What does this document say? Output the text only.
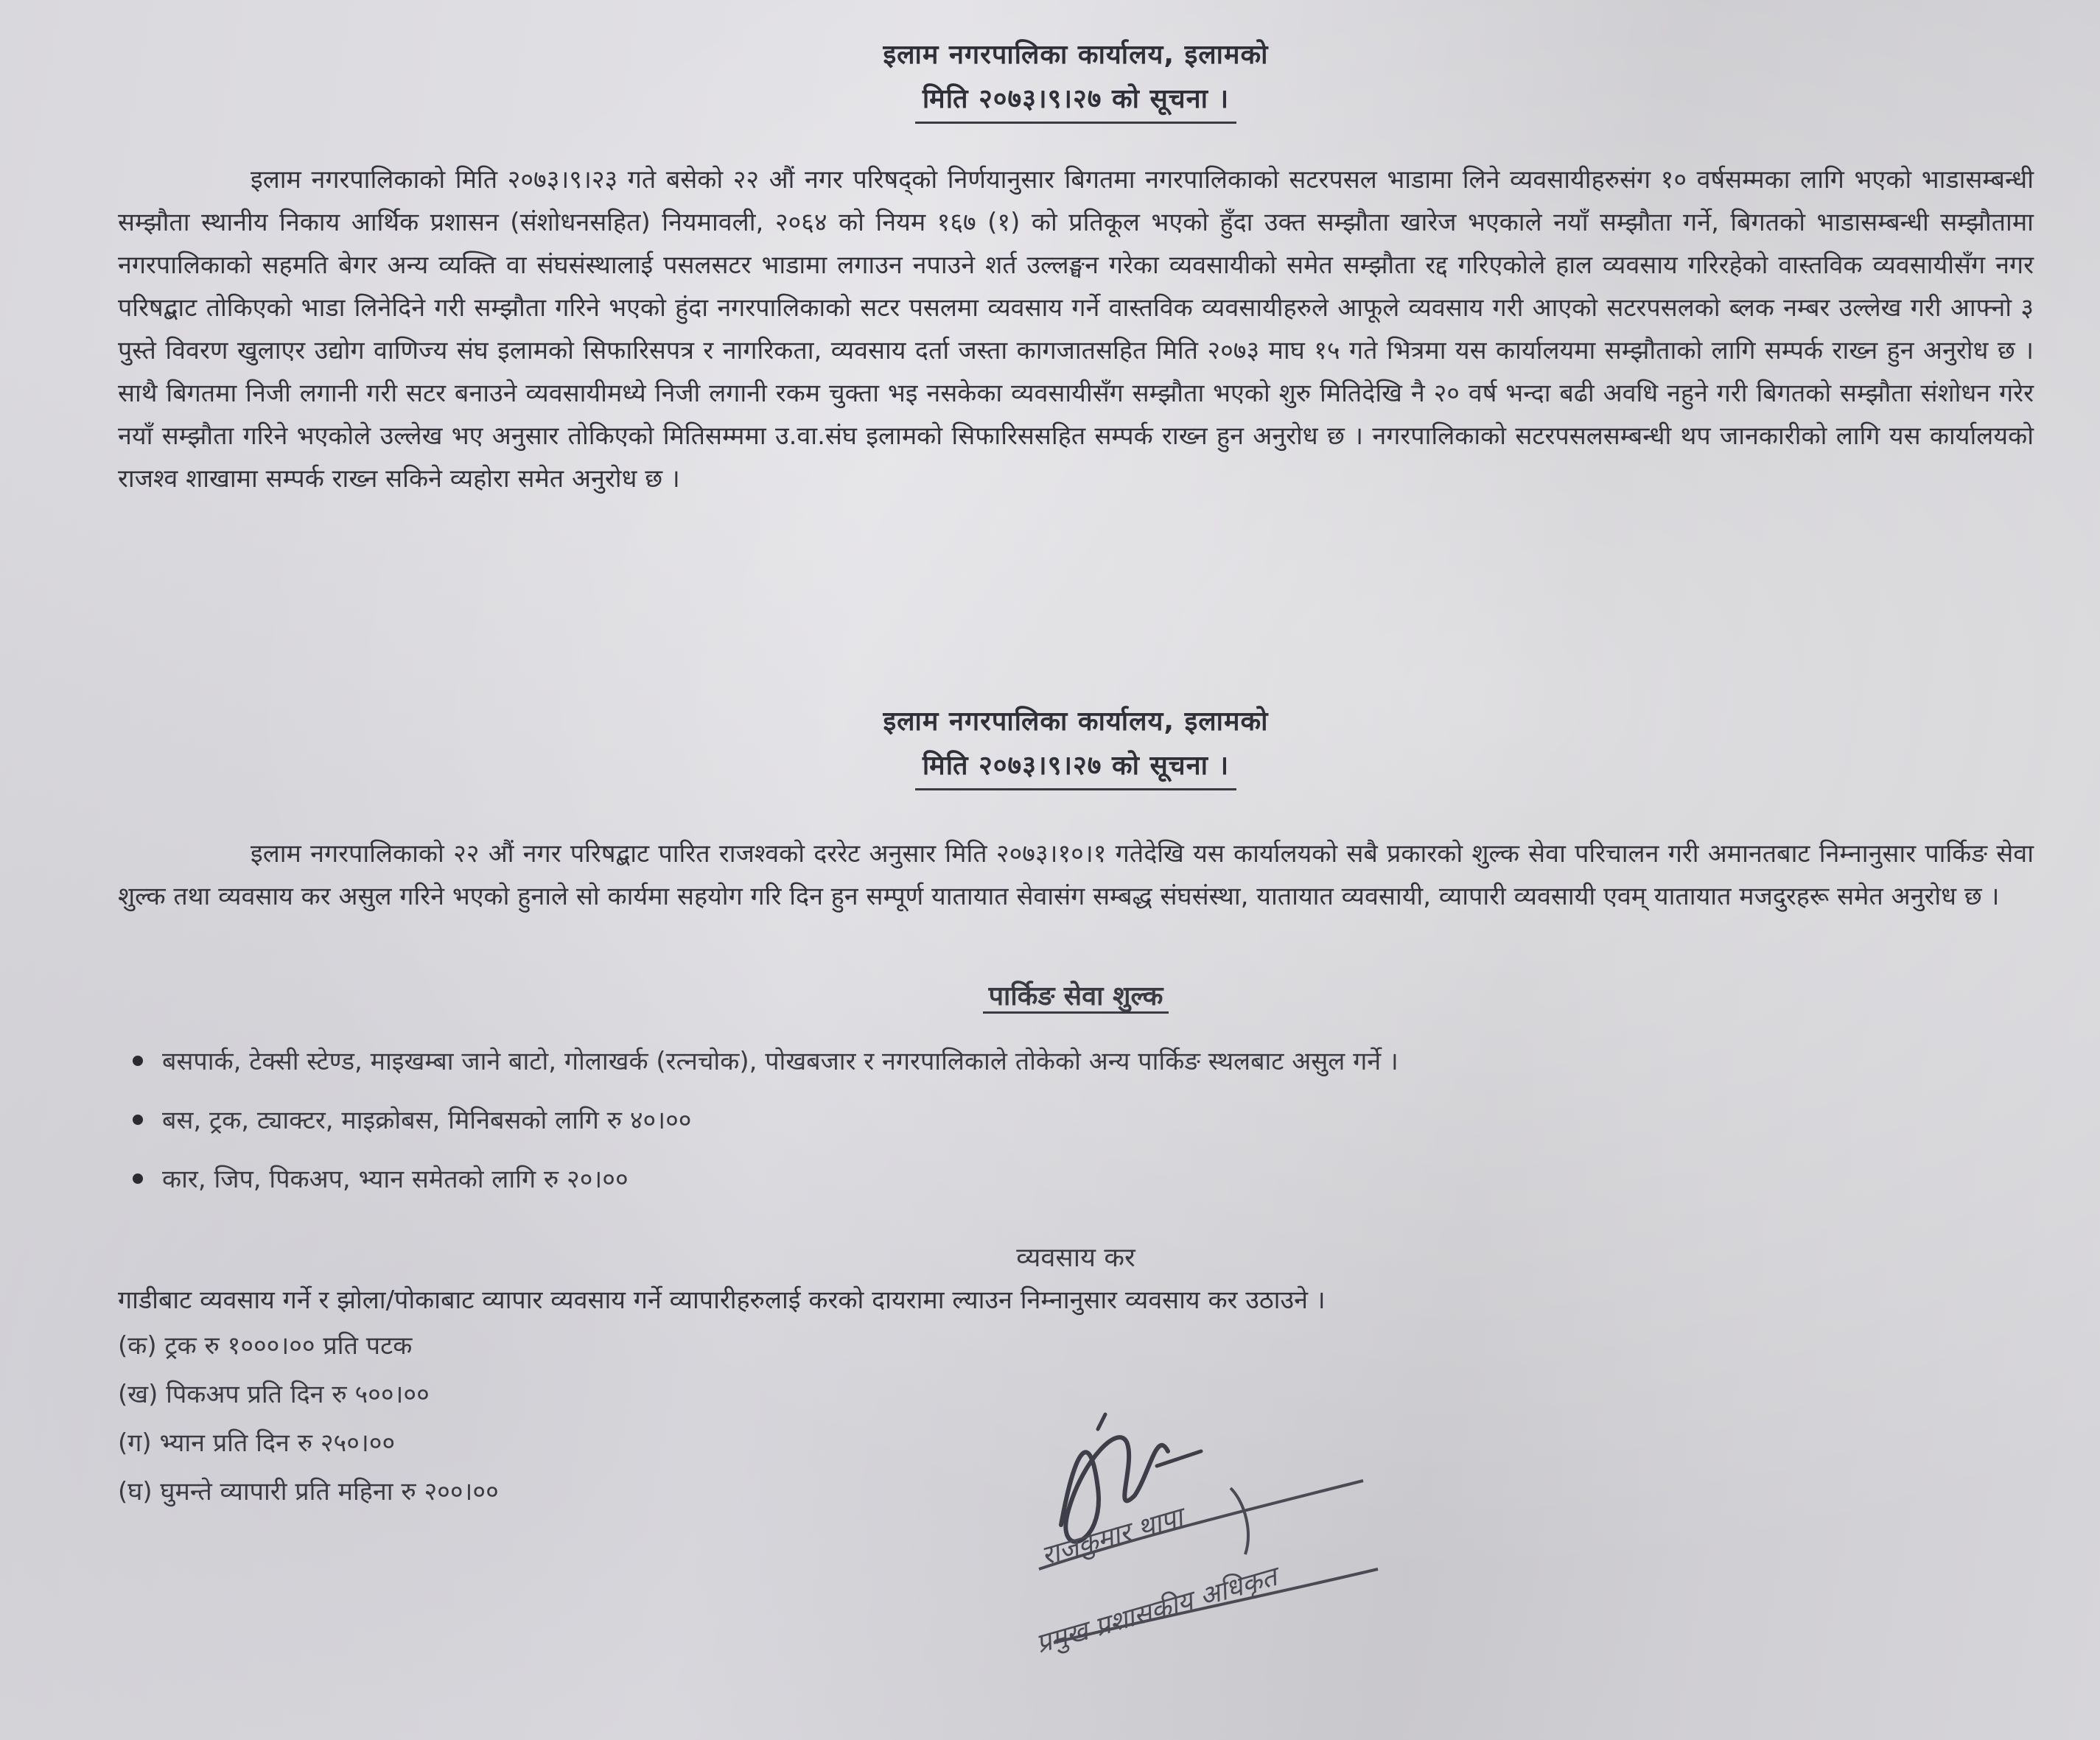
इलाम नगरपालिका कार्यालय, इलामको

मिति २०७३।९।२७ को सूचना ।

इलाम नगरपालिकाको मिति २०७३।९।२३ गते बसेको २२ औं नगर परिषद्को निर्णयानुसार बिगतमा नगरपालिकाको सटरपसल भाडामा लिने व्यवसायीहरुसंग १० वर्षसम्मका लागि भएको भाडासम्बन्धी सम्झौता स्थानीय निकाय आर्थिक प्रशासन (संशोधनसहित) नियमावली, २०६४ को नियम १६७ (१) को प्रतिकूल भएको हुँदा उक्त सम्झौता खारेज भएकाले नयाँ सम्झौता गर्ने, बिगतको भाडासम्बन्धी सम्झौतामा नगरपालिकाको सहमति बेगर अन्य व्यक्ति वा संघसंस्थालाई पसलसटर भाडामा लगाउन नपाउने शर्त उल्लङ्घन गरेका व्यवसायीको समेत सम्झौता रद्द गरिएकोले हाल व्यवसाय गरिरहेको वास्तविक व्यवसायीसँग नगर परिषद्बाट तोकिएको भाडा लिनेदिने गरी सम्झौता गरिने भएको हुंदा नगरपालिकाको सटर पसलमा व्यवसाय गर्ने वास्तविक व्यवसायीहरुले आफूले व्यवसाय गरी आएको सटरपसलको ब्लक नम्बर उल्लेख गरी आफ्नो ३ पुस्ते विवरण खुलाएर उद्योग वाणिज्य संघ इलामको सिफारिसपत्र र नागरिकता, व्यवसाय दर्ता जस्ता कागजातसहित मिति २०७३ माघ १५ गते भित्रमा यस कार्यालयमा सम्झौताको लागि सम्पर्क राख्न हुन अनुरोध छ । साथै बिगतमा निजी लगानी गरी सटर बनाउने व्यवसायीमध्ये निजी लगानी रकम चुक्ता भइ नसकेका व्यवसायीसँग सम्झौता भएको शुरु मितिदेखि नै २० वर्ष भन्दा बढी अवधि नहुने गरी बिगतको सम्झौता संशोधन गरेर नयाँ सम्झौता गरिने भएकोले उल्लेख भए अनुसार तोकिएको मितिसम्ममा उ.वा.संघ इलामको सिफारिससहित सम्पर्क राख्न हुन अनुरोध छ । नगरपालिकाको सटरपसलसम्बन्धी थप जानकारीको लागि यस कार्यालयको राजश्व शाखामा सम्पर्क राख्न सकिने व्यहोरा समेत अनुरोध छ ।

इलाम नगरपालिका कार्यालय, इलामको

मिति २०७३।९।२७ को सूचना ।

इलाम नगरपालिकाको २२ औं नगर परिषद्बाट पारित राजश्वको दररेट अनुसार मिति २०७३।१०।१ गतेदेखि यस कार्यालयको सबै प्रकारको शुल्क सेवा परिचालन गरी अमानतबाट निम्नानुसार पार्किङ सेवा शुल्क तथा व्यवसाय कर असुल गरिने भएको हुनाले सो कार्यमा सहयोग गरि दिन हुन सम्पूर्ण यातायात सेवासंग सम्बद्ध संघसंस्था, यातायात व्यवसायी, व्यापारी व्यवसायी एवम् यातायात मजदुरहरू समेत अनुरोध छ ।

पार्किङ सेवा शुल्क

बसपार्क, टेक्सी स्टेण्ड, माइखम्बा जाने बाटो, गोलाखर्क (रत्नचोक), पोखबजार र नगरपालिकाले तोकेको अन्य पार्किङ स्थलबाट असुल गर्ने ।
बस, ट्रक, ट्याक्टर, माइक्रोबस, मिनिबसको लागि रु ४०।००
कार, जिप, पिकअप, भ्यान समेतको लागि रु २०।००

व्यवसाय कर

गाडीबाट व्यवसाय गर्ने र झोला/पोकाबाट व्यापार व्यवसाय गर्ने व्यापारीहरुलाई करको दायरामा ल्याउन निम्नानुसार व्यवसाय कर उठाउने ।

(क) ट्रक रु १०००।०० प्रति पटक
(ख) पिकअप प्रति दिन रु ५००।००
(ग) भ्यान प्रति दिन रु २५०।००
(घ) घुमन्ते व्यापारी प्रति महिना रु २००।००
राजकुमार थापा
प्रमुख प्रशासकीय अधिकृत
